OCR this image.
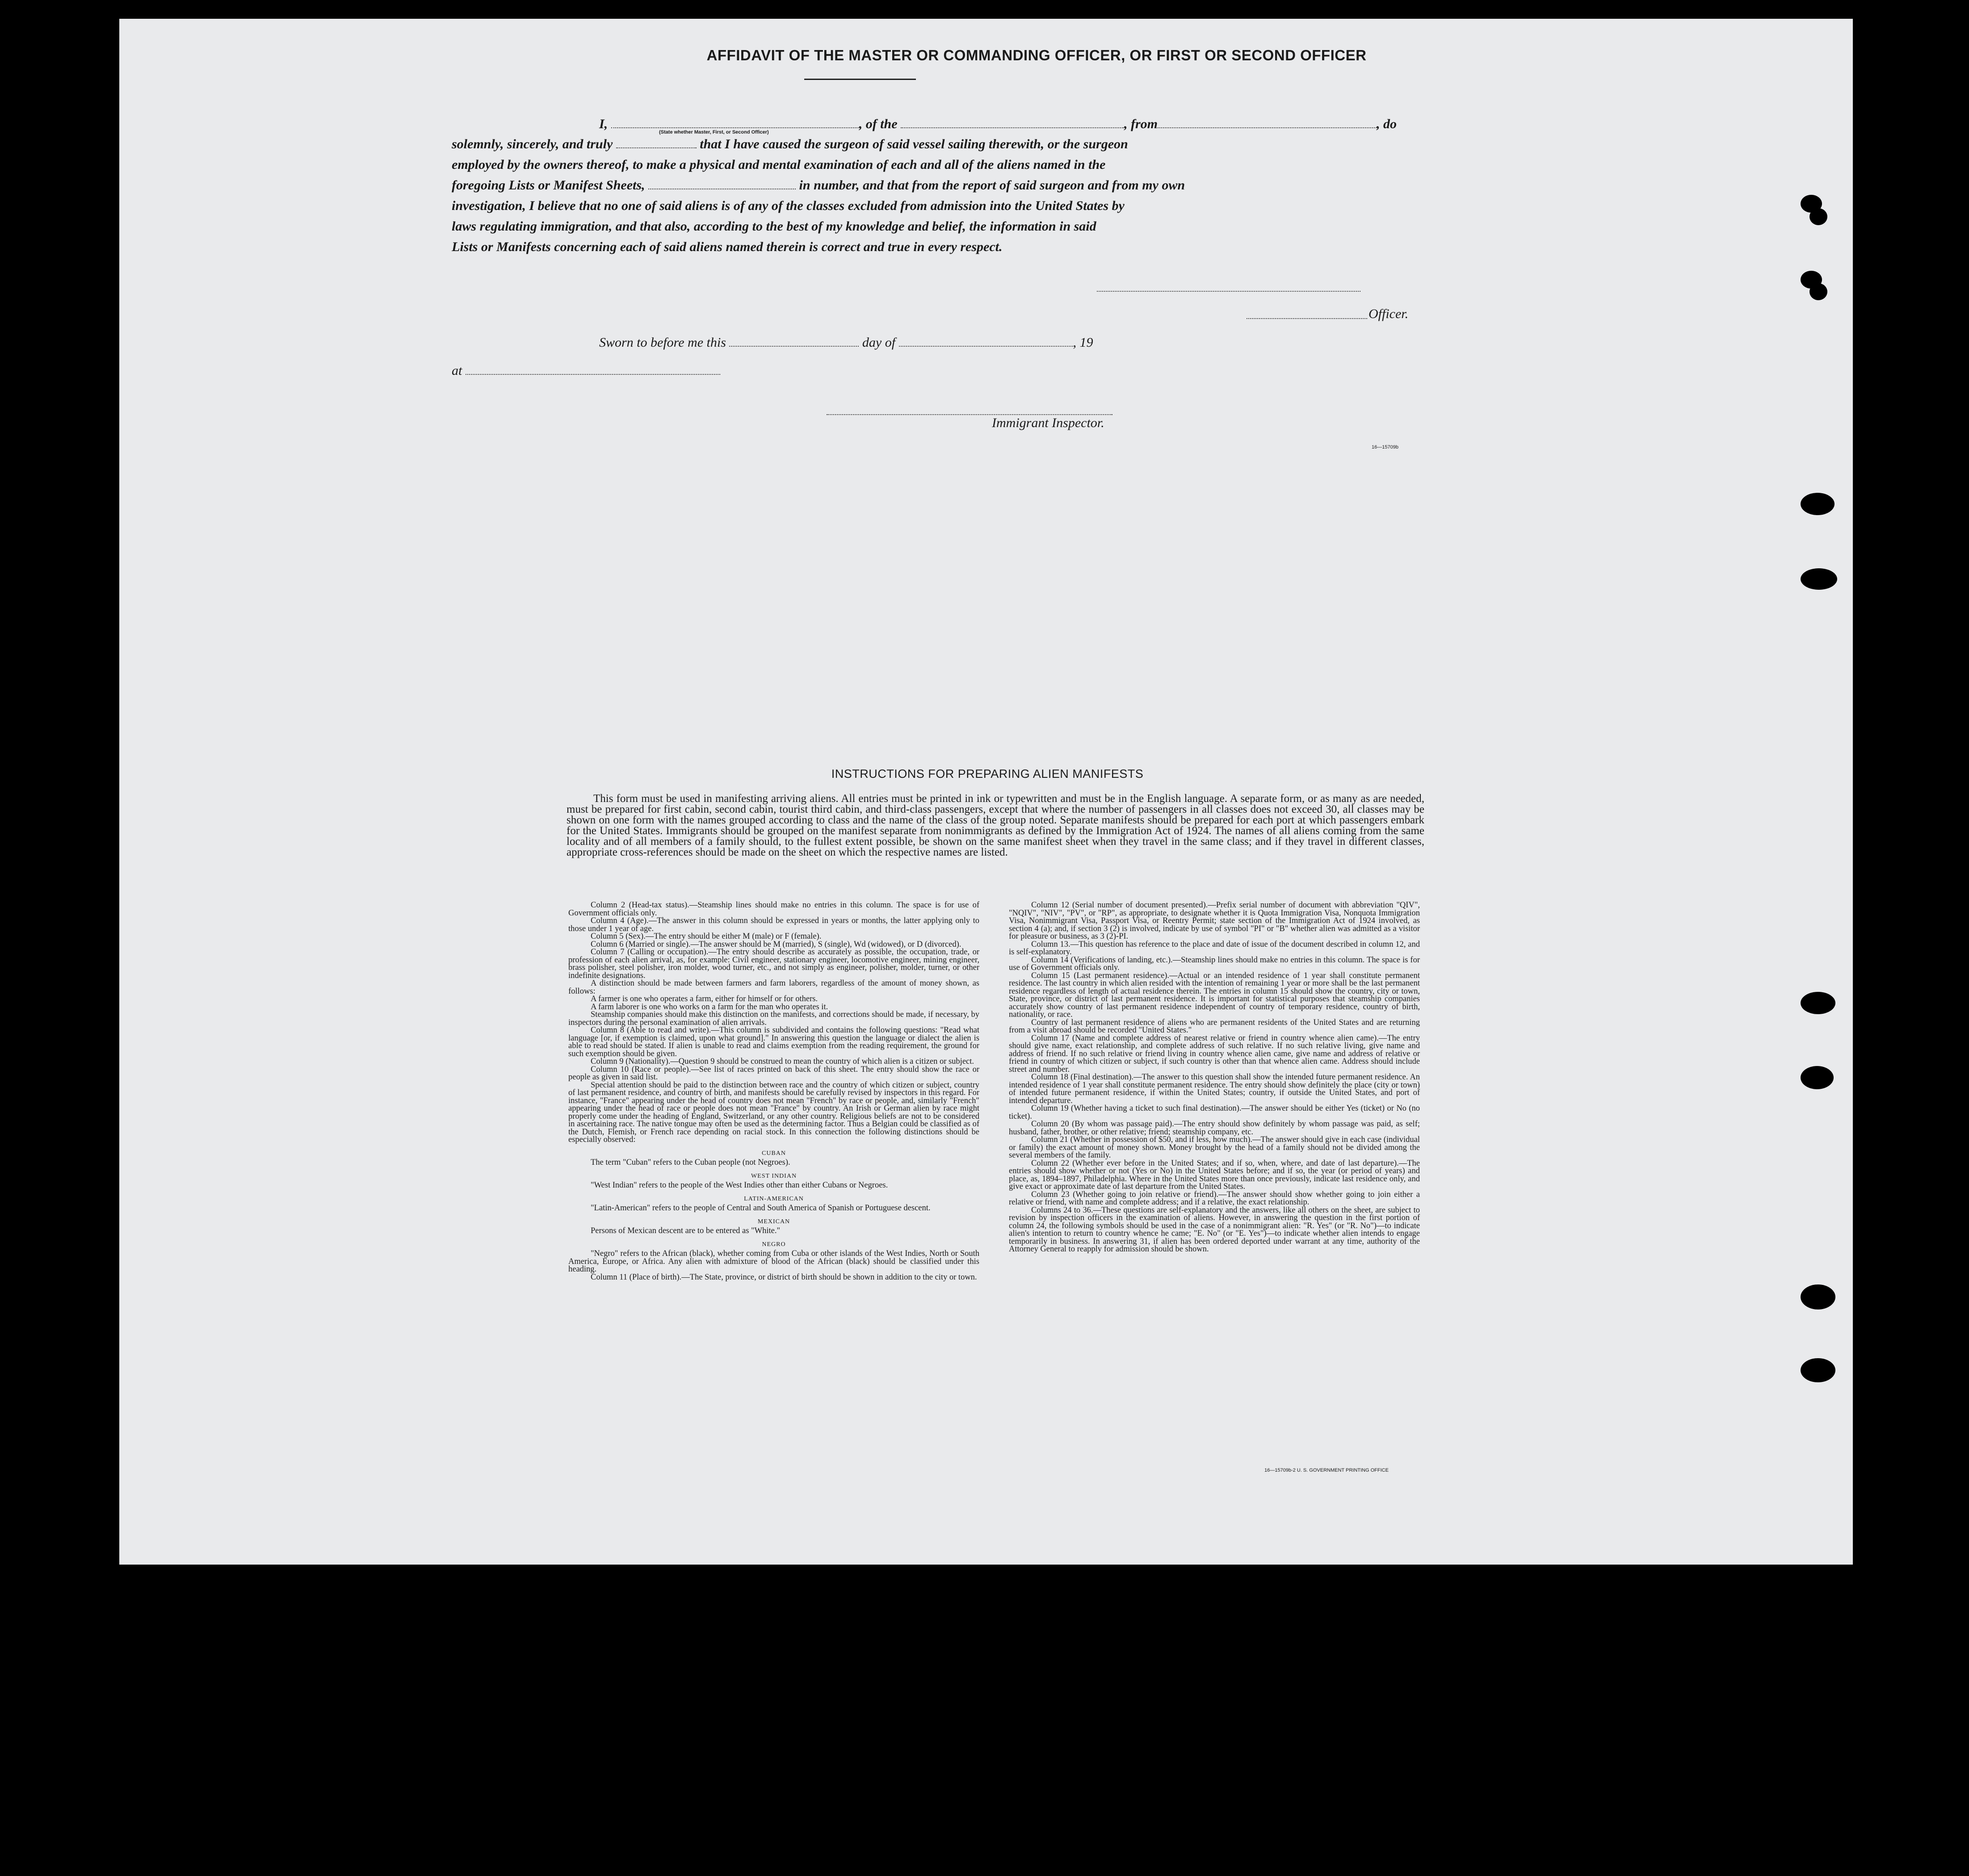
AFFIDAVIT OF THE MASTER OR COMMANDING OFFICER, OR FIRST OR SECOND OFFICER
I,	, of the	, from	, do
(State whether Master, First, or Second Officer)
solemnly, sincerely, and truly	that I have caused the surgeon of said vessel sailing therewith, or the surgeon
employed by the owners thereof, to make a physical and mental examination of each and all of the aliens named in the
foregoing Lists or Manifest Sheets,	in number, and that from the report of said surgeon and from my own
investigation, I believe that no one of said aliens is of any of the classes excluded from admission into the United States by
laws regulating immigration, and that also, according to the best of my knowledge and belief, the information in said
Lists or Manifests concerning each of said aliens named therein is correct and true in every respect.
Officer.
Sworn to before me this	day of	, 19
at
Immigrant Inspector.
16—15709b
INSTRUCTIONS FOR PREPARING ALIEN MANIFESTS
This form must be used in manifesting arriving aliens. All entries must be printed in ink or typewritten and must be in the English language. A separate form, or as many as are needed, must be prepared for first cabin, second cabin, tourist third cabin, and third-class passengers, except that where the number of passengers in all classes does not exceed 30, all classes may be shown on one form with the names grouped according to class and the name of the class of the group noted. Separate manifests should be prepared for each port at which passengers embark for the United States. Immigrants should be grouped on the manifest separate from nonimmigrants as defined by the Immigration Act of 1924. The names of all aliens coming from the same locality and of all members of a family should, to the fullest extent possible, be shown on the same manifest sheet when they travel in the same class; and if they travel in different classes, appropriate cross-references should be made on the sheet on which the respective names are listed.

Column 2 (Head-tax status).—Steamship lines should make no entries in this column. The space is for use of Government officials only.

Column 4 (Age).—The answer in this column should be expressed in years or months, the latter applying only to those under 1 year of age.

Column 5 (Sex).—The entry should be either M (male) or F (female).

Column 6 (Married or single).—The answer should be M (married), S (single), Wd (widowed), or D (divorced).

Column 7 (Calling or occupation).—The entry should describe as accurately as possible, the occupation, trade, or profession of each alien arrival, as, for example: Civil engineer, stationary engineer, locomotive engineer, mining engineer, brass polisher, steel polisher, iron molder, wood turner, etc., and not simply as engineer, polisher, molder, turner, or other indefinite designations.

A distinction should be made between farmers and farm laborers, regardless of the amount of money shown, as follows:

A farmer is one who operates a farm, either for himself or for others.

A farm laborer is one who works on a farm for the man who operates it.

Steamship companies should make this distinction on the manifests, and corrections should be made, if necessary, by inspectors during the personal examination of alien arrivals.

Column 8 (Able to read and write).—This column is subdivided and contains the following questions: "Read what language [or, if exemption is claimed, upon what ground]." In answering this question the language or dialect the alien is able to read should be stated. If alien is unable to read and claims exemption from the reading requirement, the ground for such exemption should be given.

Column 9 (Nationality).—Question 9 should be construed to mean the country of which alien is a citizen or subject.

Column 10 (Race or people).—See list of races printed on back of this sheet. The entry should show the race or people as given in said list.

Special attention should be paid to the distinction between race and the country of which citizen or subject, country of last permanent residence, and country of birth, and manifests should be carefully revised by inspectors in this regard. For instance, "France" appearing under the head of country does not mean "French" by race or people, and, similarly "French" appearing under the head of race or people does not mean "France" by country. An Irish or German alien by race might properly come under the heading of England, Switzerland, or any other country. Religious beliefs are not to be considered in ascertaining race. The native tongue may often be used as the determining factor. Thus a Belgian could be classified as of the Dutch, Flemish, or French race depending on racial stock. In this connection the following distinctions should be especially observed:

CUBAN

The term "Cuban" refers to the Cuban people (not Negroes).

WEST INDIAN

"West Indian" refers to the people of the West Indies other than either Cubans or Negroes.

LATIN-AMERICAN

"Latin-American" refers to the people of Central and South America of Spanish or Portuguese descent.

MEXICAN

Persons of Mexican descent are to be entered as "White."

NEGRO

"Negro" refers to the African (black), whether coming from Cuba or other islands of the West Indies, North or South America, Europe, or Africa. Any alien with admixture of blood of the African (black) should be classified under this heading.

Column 11 (Place of birth).—The State, province, or district of birth should be shown in addition to the city or town.

Column 12 (Serial number of document presented).—Prefix serial number of document with abbreviation "QIV", "NQIV", "NIV", "PV", or "RP", as appropriate, to designate whether it is Quota Immigration Visa, Nonquota Immigration Visa, Nonimmigrant Visa, Passport Visa, or Reentry Permit; state section of the Immigration Act of 1924 involved, as section 4 (a); and, if section 3 (2) is involved, indicate by use of symbol "PI" or "B" whether alien was admitted as a visitor for pleasure or business, as 3 (2)-PI.

Column 13.—This question has reference to the place and date of issue of the document described in column 12, and is self-explanatory.

Column 14 (Verifications of landing, etc.).—Steamship lines should make no entries in this column. The space is for use of Government officials only.

Column 15 (Last permanent residence).—Actual or an intended residence of 1 year shall constitute permanent residence. The last country in which alien resided with the intention of remaining 1 year or more shall be the last permanent residence regardless of length of actual residence therein. The entries in column 15 should show the country, city or town, State, province, or district of last permanent residence. It is important for statistical purposes that steamship companies accurately show country of last permanent residence independent of country of temporary residence, country of birth, nationality, or race.

Country of last permanent residence of aliens who are permanent residents of the United States and are returning from a visit abroad should be recorded "United States."

Column 17 (Name and complete address of nearest relative or friend in country whence alien came).—The entry should give name, exact relationship, and complete address of such relative. If no such relative living, give name and address of friend. If no such relative or friend living in country whence alien came, give name and address of relative or friend in country of which citizen or subject, if such country is other than that whence alien came. Address should include street and number.

Column 18 (Final destination).—The answer to this question shall show the intended future permanent residence. An intended residence of 1 year shall constitute permanent residence. The entry should show definitely the place (city or town) of intended future permanent residence, if within the United States; country, if outside the United States, and port of intended departure.

Column 19 (Whether having a ticket to such final destination).—The answer should be either Yes (ticket) or No (no ticket).

Column 20 (By whom was passage paid).—The entry should show definitely by whom passage was paid, as self; husband, father, brother, or other relative; friend; steamship company, etc.

Column 21 (Whether in possession of $50, and if less, how much).—The answer should give in each case (individual or family) the exact amount of money shown. Money brought by the head of a family should not be divided among the several members of the family.

Column 22 (Whether ever before in the United States; and if so, when, where, and date of last departure).—The entries should show whether or not (Yes or No) in the United States before; and if so, the year (or period of years) and place, as, 1894–1897, Philadelphia. Where in the United States more than once previously, indicate last residence only, and give exact or approximate date of last departure from the United States.

Column 23 (Whether going to join relative or friend).—The answer should show whether going to join either a relative or friend, with name and complete address; and if a relative, the exact relationship.

Columns 24 to 36.—These questions are self-explanatory and the answers, like all others on the sheet, are subject to revision by inspection officers in the examination of aliens. However, in answering the question in the first portion of column 24, the following symbols should be used in the case of a nonimmigrant alien: "R. Yes" (or "R. No")—to indicate alien's intention to return to country whence he came; "E. No" (or "E. Yes")—to indicate whether alien intends to engage temporarily in business. In answering 31, if alien has been ordered deported under warrant at any time, authority of the Attorney General to reapply for admission should be shown.

16—15709b-2 U. S. GOVERNMENT PRINTING OFFICE
